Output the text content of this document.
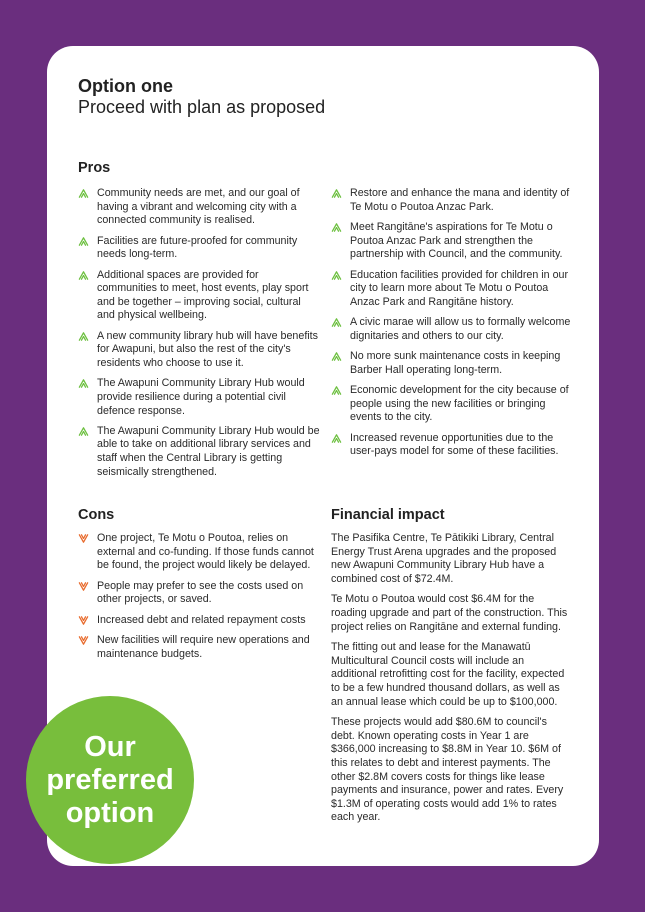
Option one

Proceed with plan as proposed

Pros
Community needs are met, and our goal of having a vibrant and welcoming city with a connected community is realised.
Facilities are future-proofed for community needs long-term.
Additional spaces are provided for communities to meet, host events, play sport and be together – improving social, cultural and physical wellbeing.
A new community library hub will have benefits for Awapuni, but also the rest of the city's residents who choose to use it.
The Awapuni Community Library Hub would provide resilience during a potential civil defence response.
The Awapuni Community Library Hub would be able to take on additional library services and staff when the Central Library is getting seismically strengthened.
Restore and enhance the mana and identity of Te Motu o Poutoa Anzac Park.
Meet Rangitāne's aspirations for Te Motu o Poutoa Anzac Park and strengthen the partnership with Council, and the community.
Education facilities provided for children in our city to learn more about Te Motu o Poutoa Anzac Park and Rangitāne history.
A civic marae will allow us to formally welcome dignitaries and others to our city.
No more sunk maintenance costs in keeping Barber Hall operating long-term.
Economic development for the city because of people using the new facilities or bringing events to the city.
Increased revenue opportunities due to the user-pays model for some of these facilities.
Cons
One project, Te Motu o Poutoa, relies on external and co-funding. If those funds cannot be found, the project would likely be delayed.
People may prefer to see the costs used on other projects, or saved.
Increased debt and related repayment costs
New facilities will require new operations and maintenance budgets.
Financial impact

The Pasifika Centre, Te Pātikiki Library, Central Energy Trust Arena upgrades and the proposed new Awapuni Community Library Hub have a combined cost of $72.4M.

Te Motu o Poutoa would cost $6.4M for the roading upgrade and part of the construction. This project relies on Rangitāne and external funding.

The fitting out and lease for the Manawatū Multicultural Council costs will include an additional retrofitting cost for the facility, expected to be a few hundred thousand dollars, as well as an annual lease which could be up to $100,000.

These projects would add $80.6M to council's debt. Known operating costs in Year 1 are $366,000 increasing to $8.8M in Year 10. $6M of this relates to debt and interest payments. The other $2.8M covers costs for things like lease payments and insurance, power and rates. Every $1.3M of operating costs would add 1% to rates each year.

Our preferred option
